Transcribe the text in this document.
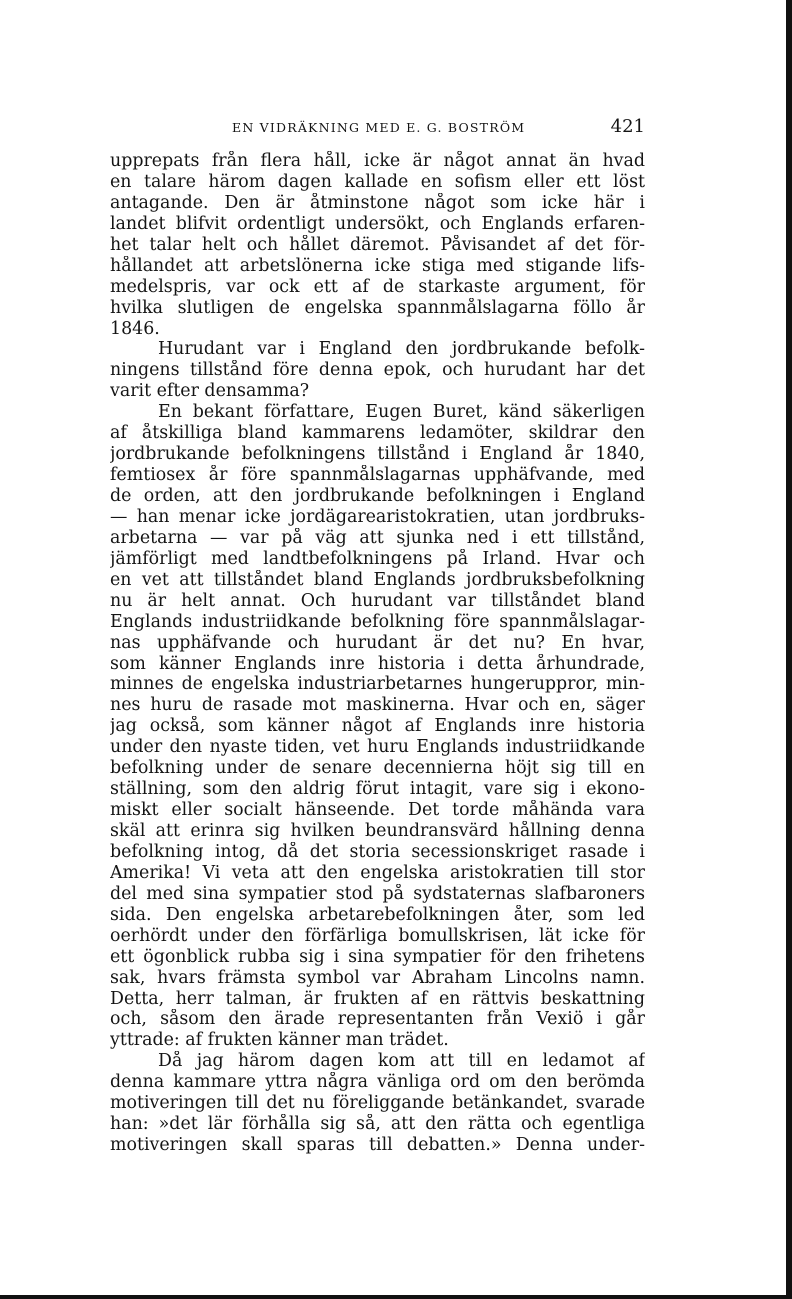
EN VIDRÄKNING MED E. G. BOSTRÖM	421
upprepats från flera håll, icke är något annat än hvad
en talare härom dagen kallade en sofism eller ett löst
antagande. Den är åtminstone något som icke här i
landet blifvit ordentligt undersökt, och Englands erfaren-
het talar helt och hållet däremot. Påvisandet af det för-
hållandet att arbetslönerna icke stiga med stigande lifs-
medelspris, var ock ett af de starkaste argument, för
hvilka slutligen de engelska spannmålslagarna föllo år
1846.
Hurudant var i England den jordbrukande befolk-
ningens tillstånd före denna epok, och hurudant har det
varit efter densamma?
En bekant författare, Eugen Buret, känd säkerligen
af åtskilliga bland kammarens ledamöter, skildrar den
jordbrukande befolkningens tillstånd i England år 1840,
femtiosex år före spannmålslagarnas upphäfvande, med
de orden, att den jordbrukande befolkningen i England
— han menar icke jordägarearistokratien, utan jordbruks-
arbetarna — var på väg att sjunka ned i ett tillstånd,
jämförligt med landtbefolkningens på Irland. Hvar och
en vet att tillståndet bland Englands jordbruksbefolkning
nu är helt annat. Och hurudant var tillståndet bland
Englands industriidkande befolkning före spannmålslagar-
nas upphäfvande och hurudant är det nu? En hvar,
som känner Englands inre historia i detta århundrade,
minnes de engelska industriarbetarnes hungeruppror, min-
nes huru de rasade mot maskinerna. Hvar och en, säger
jag också, som känner något af Englands inre historia
under den nyaste tiden, vet huru Englands industriidkande
befolkning under de senare decennierna höjt sig till en
ställning, som den aldrig förut intagit, vare sig i ekono-
miskt eller socialt hänseende. Det torde måhända vara
skäl att erinra sig hvilken beundransvärd hållning denna
befolkning intog, då det storia secessionskriget rasade i
Amerika! Vi veta att den engelska aristokratien till stor
del med sina sympatier stod på sydstaternas slafbaroners
sida. Den engelska arbetarebefolkningen åter, som led
oerhördt under den förfärliga bomullskrisen, lät icke för
ett ögonblick rubba sig i sina sympatier för den frihetens
sak, hvars främsta symbol var Abraham Lincolns namn.
Detta, herr talman, är frukten af en rättvis beskattning
och, såsom den ärade representanten från Vexiö i går
yttrade: af frukten känner man trädet.
Då jag härom dagen kom att till en ledamot af
denna kammare yttra några vänliga ord om den berömda
motiveringen till det nu föreliggande betänkandet, svarade
han: »det lär förhålla sig så, att den rätta och egentliga
motiveringen skall sparas till debatten.» Denna under-
